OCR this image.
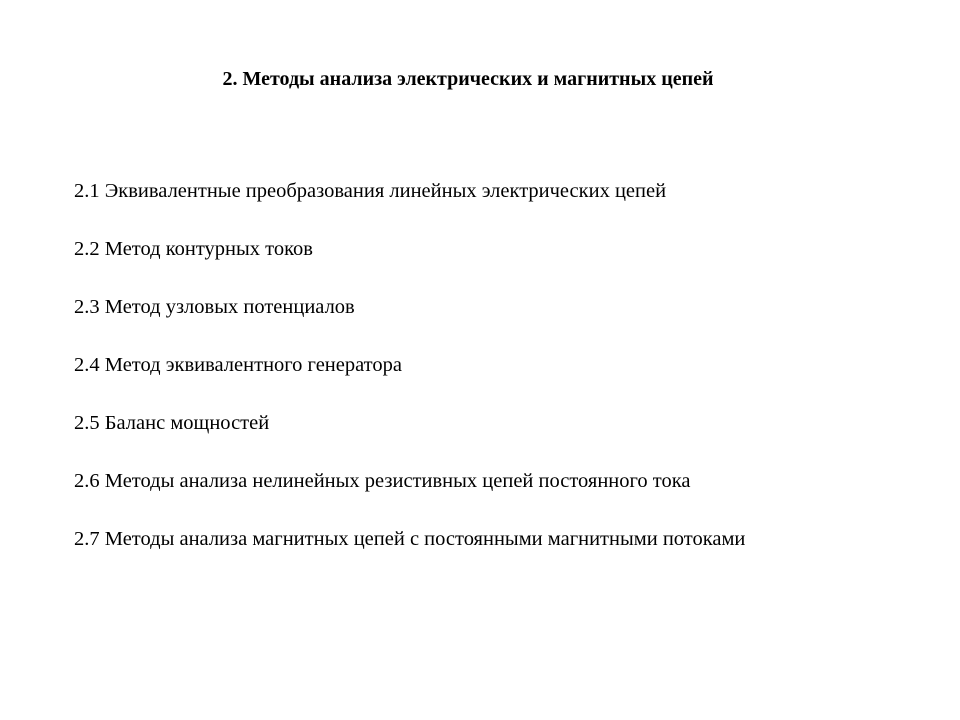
2. Методы анализа электрических и магнитных цепей
2.1 Эквивалентные преобразования линейных электрических цепей
2.2 Метод контурных токов
2.3 Метод узловых потенциалов
2.4 Метод эквивалентного генератора
2.5 Баланс мощностей
2.6 Методы анализа нелинейных резистивных цепей постоянного тока
2.7 Методы анализа магнитных цепей с постоянными магнитными потоками
